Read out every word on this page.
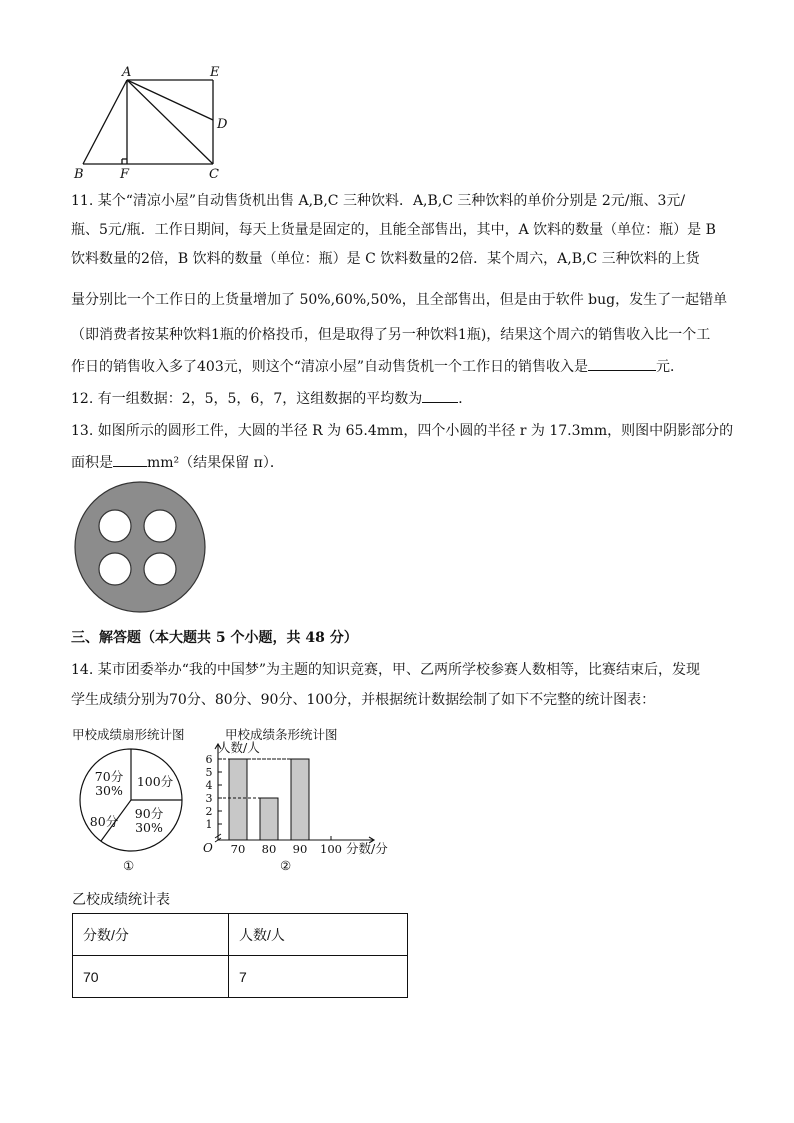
A	E
D
B	F	C
11. 某个“清凉小屋”自动售货机出售 A,B,C 三种饮料．A,B,C 三种饮料的单价分别是 2元/瓶、3元/
瓶、5元/瓶．工作日期间，每天上货量是固定的，且能全部售出，其中，A 饮料的数量（单位：瓶）是 B
饮料数量的2倍，B 饮料的数量（单位：瓶）是 C 饮料数量的2倍．某个周六，A,B,C 三种饮料的上货
量分别比一个工作日的上货量增加了 50%,60%,50%，且全部售出，但是由于软件 bug，发生了一起错单
（即消费者按某种饮料1瓶的价格投币，但是取得了另一种饮料1瓶)，结果这个周六的销售收入比一个工
作日的销售收入多了403元，则这个“清凉小屋”自动售货机一个工作日的销售收入是	元．
12. 有一组数据：2，5，5，6，7，这组数据的平均数为	．
13. 如图所示的圆形工件，大圆的半径 R 为 65.4mm，四个小圆的半径 r 为 17.3mm，则图中阴影部分的
面积是 mm²（结果保留 π）．
三、解答题（本大题共 5 个小题，共 48 分）
14. 某市团委举办“我的中国梦”为主题的知识竞赛，甲、乙两所学校参赛人数相等，比赛结束后，发现
学生成绩分别为70分、80分、90分、100分，并根据统计数据绘制了如下不完整的统计图表：
甲校成绩扇形统计图
70分
30%
100分
90分
30%
80分
①
甲校成绩条形统计图
人数/人
分数/分
O
1
2
3
4
5
6
70 80 90 100
②
乙校成绩统计表
分数/分	人数/人
70	7
